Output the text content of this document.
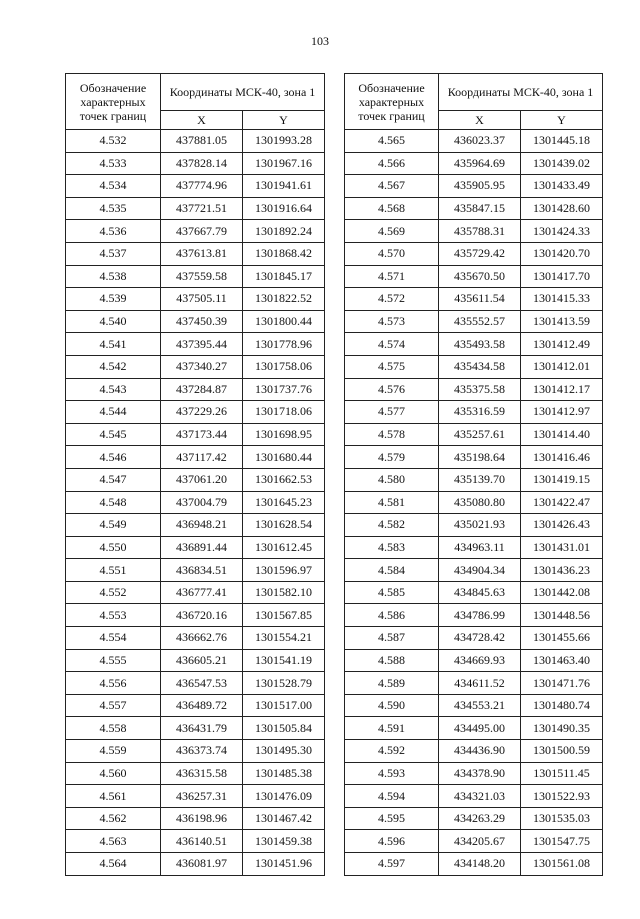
103
Обозначение характерных точек границ	Координаты МСК-40, зона 1	
	X	Y
4.532	437881.05	1301993.28
4.533	437828.14	1301967.16
4.534	437774.96	1301941.61
4.535	437721.51	1301916.64
4.536	437667.79	1301892.24
4.537	437613.81	1301868.42
4.538	437559.58	1301845.17
4.539	437505.11	1301822.52
4.540	437450.39	1301800.44
4.541	437395.44	1301778.96
4.542	437340.27	1301758.06
4.543	437284.87	1301737.76
4.544	437229.26	1301718.06
4.545	437173.44	1301698.95
4.546	437117.42	1301680.44
4.547	437061.20	1301662.53
4.548	437004.79	1301645.23
4.549	436948.21	1301628.54
4.550	436891.44	1301612.45
4.551	436834.51	1301596.97
4.552	436777.41	1301582.10
4.553	436720.16	1301567.85
4.554	436662.76	1301554.21
4.555	436605.21	1301541.19
4.556	436547.53	1301528.79
4.557	436489.72	1301517.00
4.558	436431.79	1301505.84
4.559	436373.74	1301495.30
4.560	436315.58	1301485.38
4.561	436257.31	1301476.09
4.562	436198.96	1301467.42
4.563	436140.51	1301459.38
4.564	436081.97	1301451.96
Обозначение характерных точек границ	Координаты МСК-40, зона 1	
	X	Y
4.565	436023.37	1301445.18
4.566	435964.69	1301439.02
4.567	435905.95	1301433.49
4.568	435847.15	1301428.60
4.569	435788.31	1301424.33
4.570	435729.42	1301420.70
4.571	435670.50	1301417.70
4.572	435611.54	1301415.33
4.573	435552.57	1301413.59
4.574	435493.58	1301412.49
4.575	435434.58	1301412.01
4.576	435375.58	1301412.17
4.577	435316.59	1301412.97
4.578	435257.61	1301414.40
4.579	435198.64	1301416.46
4.580	435139.70	1301419.15
4.581	435080.80	1301422.47
4.582	435021.93	1301426.43
4.583	434963.11	1301431.01
4.584	434904.34	1301436.23
4.585	434845.63	1301442.08
4.586	434786.99	1301448.56
4.587	434728.42	1301455.66
4.588	434669.93	1301463.40
4.589	434611.52	1301471.76
4.590	434553.21	1301480.74
4.591	434495.00	1301490.35
4.592	434436.90	1301500.59
4.593	434378.90	1301511.45
4.594	434321.03	1301522.93
4.595	434263.29	1301535.03
4.596	434205.67	1301547.75
4.597	434148.20	1301561.08
